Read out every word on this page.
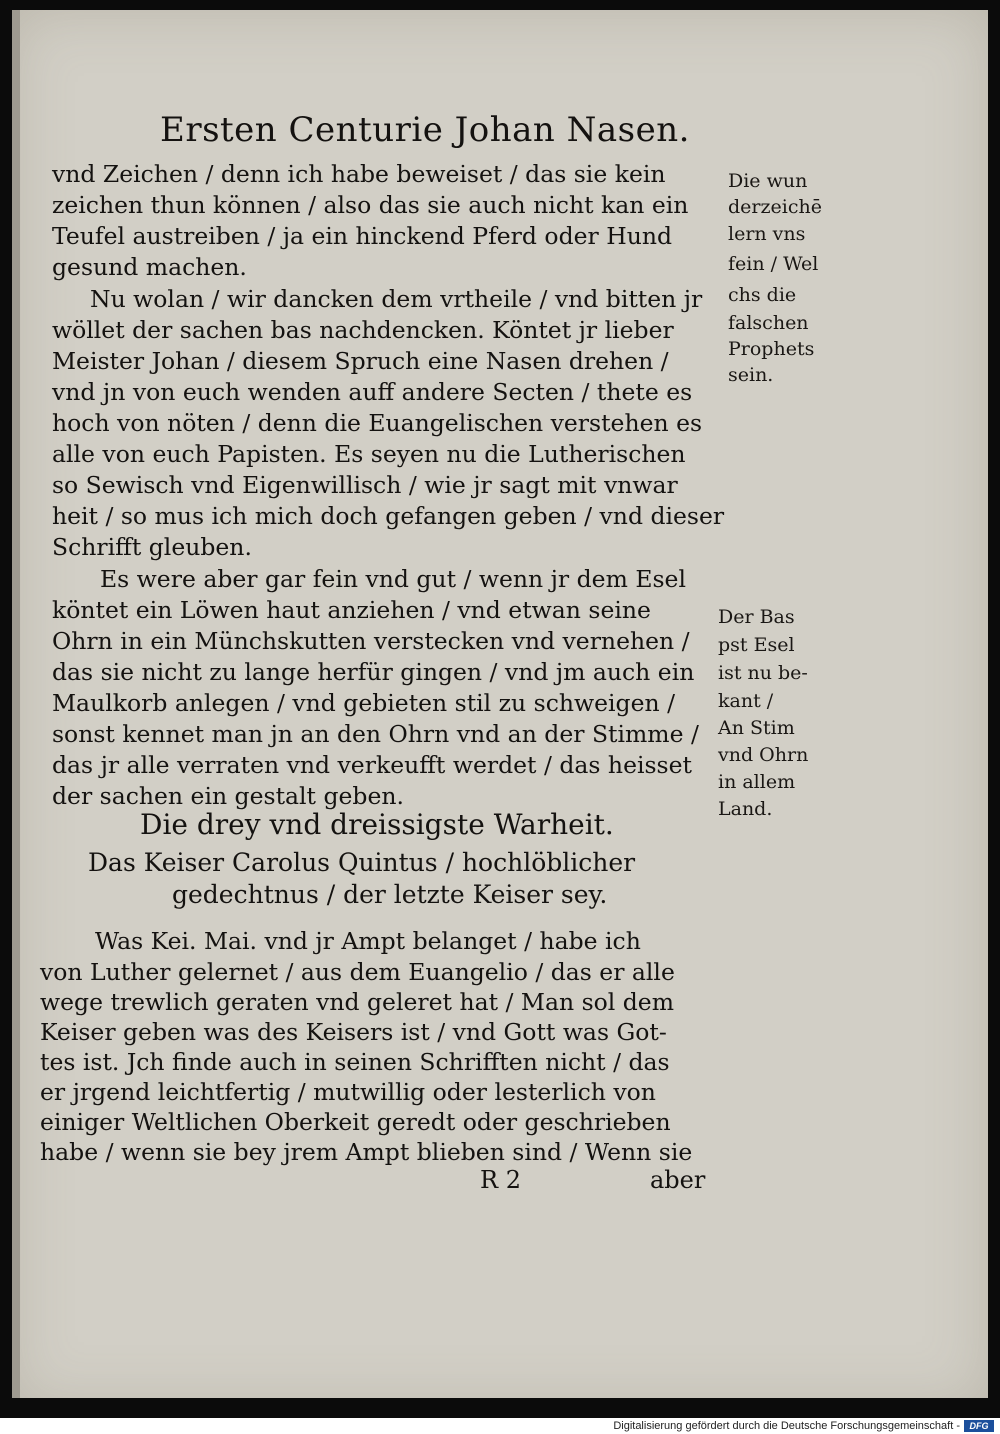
Ersten Centurie Johan Nasen.
vnd Zeichen / denn ich habe beweiset / das sie kein
zeichen thun können / also das sie auch nicht kan ein
Teufel austreiben / ja ein hinckend Pferd oder Hund
gesund machen.
Nu wolan / wir dancken dem vrtheile / vnd bitten jr
wöllet der sachen bas nachdencken. Köntet jr lieber
Meister Johan / diesem Spruch eine Nasen drehen /
vnd jn von euch wenden auff andere Secten / thete es
hoch von nöten / denn die Euangelischen verstehen es
alle von euch Papisten. Es seyen nu die Lutherischen
so Sewisch vnd Eigenwillisch / wie jr sagt mit vnwar
heit / so mus ich mich doch gefangen geben / vnd dieser
Schrifft gleuben.
Es were aber gar fein vnd gut / wenn jr dem Esel
köntet ein Löwen haut anziehen / vnd etwan seine
Ohrn in ein Münchskutten verstecken vnd vernehen /
das sie nicht zu lange herfür gingen / vnd jm auch ein
Maulkorb anlegen / vnd gebieten stil zu schweigen /
sonst kennet man jn an den Ohrn vnd an der Stimme /
das jr alle verraten vnd verkeufft werdet / das heisset
der sachen ein gestalt geben.
Die wun
derzeichē
lern vns
fein / Wel
chs die
falschen
Prophets
sein.
Der Bas
pst Esel
ist nu be-
kant /
An Stim
vnd Ohrn
in allem
Land.
Die drey vnd dreissigste Warheit.
Das Keiser Carolus Quintus / hochlöblicher
gedechtnus / der letzte Keiser sey.
Was Kei. Mai. vnd jr Ampt belanget / habe ich
von Luther gelernet / aus dem Euangelio / das er alle
wege trewlich geraten vnd geleret hat / Man sol dem
Keiser geben was des Keisers ist / vnd Gott was Got-
tes ist. Jch finde auch in seinen Schrifften nicht / das
er jrgend leichtfertig / mutwillig oder lesterlich von
einiger Weltlichen Oberkeit geredt oder geschrieben
habe / wenn sie bey jrem Ampt blieben sind / Wenn sie
R 2	aber
Digitalisierung gefördert durch die Deutsche Forschungsgemeinschaft -	DFG
